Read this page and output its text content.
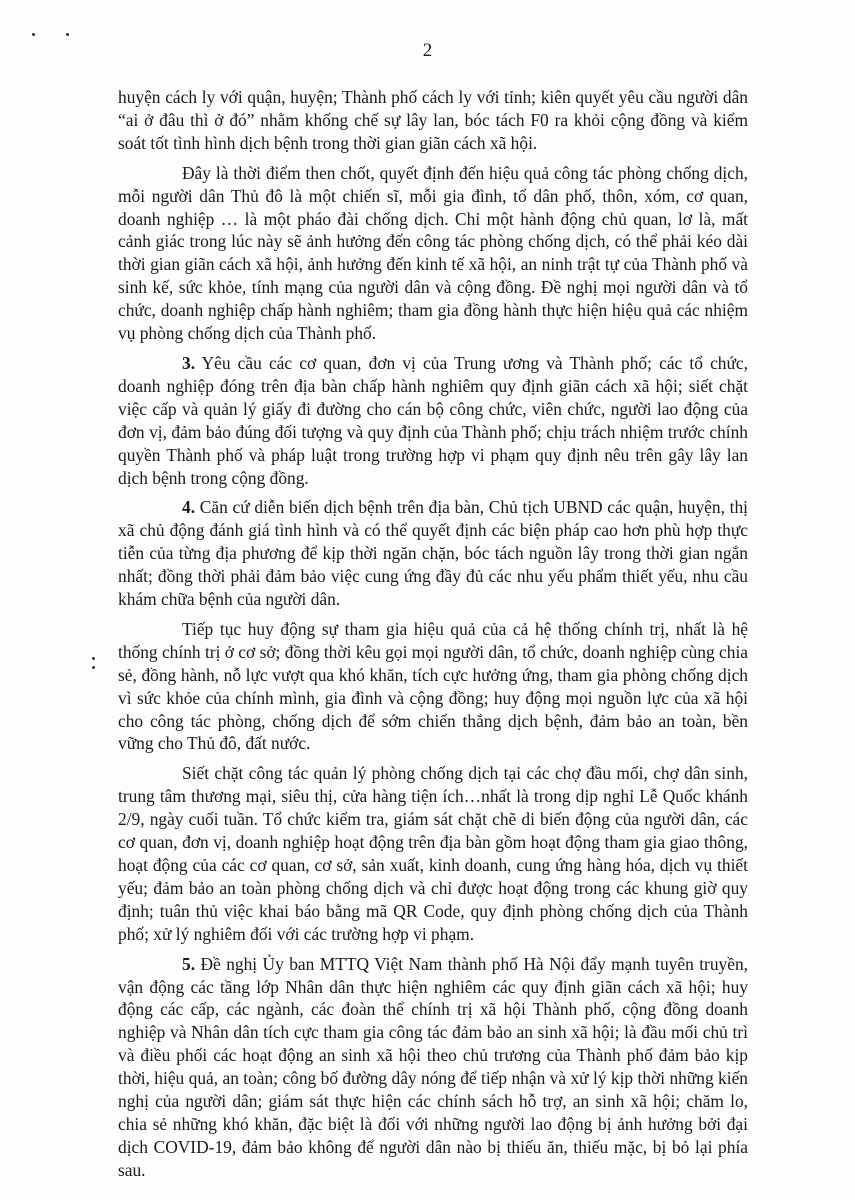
2

huyện cách ly với quận, huyện; Thành phố cách ly với tỉnh; kiên quyết yêu cầu người dân “ai ở đâu thì ở đó” nhằm khống chế sự lây lan, bóc tách F0 ra khỏi cộng đồng và kiểm soát tốt tình hình dịch bệnh trong thời gian giãn cách xã hội.

Đây là thời điểm then chốt, quyết định đến hiệu quả công tác phòng chống dịch, mỗi người dân Thủ đô là một chiến sĩ, mỗi gia đình, tổ dân phố, thôn, xóm, cơ quan, doanh nghiệp … là một pháo đài chống dịch. Chỉ một hành động chủ quan, lơ là, mất cảnh giác trong lúc này sẽ ảnh hưởng đến công tác phòng chống dịch, có thể phải kéo dài thời gian giãn cách xã hội, ảnh hưởng đến kinh tế xã hội, an ninh trật tự của Thành phố và sinh kế, sức khỏe, tính mạng của người dân và cộng đồng. Đề nghị mọi người dân và tổ chức, doanh nghiệp chấp hành nghiêm; tham gia đồng hành thực hiện hiệu quả các nhiệm vụ phòng chống dịch của Thành phố.

3. Yêu cầu các cơ quan, đơn vị của Trung ương và Thành phố; các tổ chức, doanh nghiệp đóng trên địa bàn chấp hành nghiêm quy định giãn cách xã hội; siết chặt việc cấp và quản lý giấy đi đường cho cán bộ công chức, viên chức, người lao động của đơn vị, đảm bảo đúng đối tượng và quy định của Thành phố; chịu trách nhiệm trước chính quyền Thành phố và pháp luật trong trường hợp vi phạm quy định nêu trên gây lây lan dịch bệnh trong cộng đồng.

4. Căn cứ diễn biến dịch bệnh trên địa bàn, Chủ tịch UBND các quận, huyện, thị xã chủ động đánh giá tình hình và có thể quyết định các biện pháp cao hơn phù hợp thực tiễn của từng địa phương để kịp thời ngăn chặn, bóc tách nguồn lây trong thời gian ngắn nhất; đồng thời phải đảm bảo việc cung ứng đầy đủ các nhu yếu phẩm thiết yếu, nhu cầu khám chữa bệnh của người dân.

Tiếp tục huy động sự tham gia hiệu quả của cả hệ thống chính trị, nhất là hệ thống chính trị ở cơ sở; đồng thời kêu gọi mọi người dân, tổ chức, doanh nghiệp cùng chia sẻ, đồng hành, nỗ lực vượt qua khó khăn, tích cực hưởng ứng, tham gia phòng chống dịch vì sức khỏe của chính mình, gia đình và cộng đồng; huy động mọi nguồn lực của xã hội cho công tác phòng, chống dịch để sớm chiến thắng dịch bệnh, đảm bảo an toàn, bền vững cho Thủ đô, đất nước.

Siết chặt công tác quản lý phòng chống dịch tại các chợ đầu mối, chợ dân sinh, trung tâm thương mại, siêu thị, cửa hàng tiện ích…nhất là trong dịp nghỉ Lễ Quốc khánh 2/9, ngày cuối tuần. Tổ chức kiểm tra, giám sát chặt chẽ di biến động của người dân, các cơ quan, đơn vị, doanh nghiệp hoạt động trên địa bàn gồm hoạt động tham gia giao thông, hoạt động của các cơ quan, cơ sở, sản xuất, kinh doanh, cung ứng hàng hóa, dịch vụ thiết yếu; đảm bảo an toàn phòng chống dịch và chỉ được hoạt động trong các khung giờ quy định; tuân thủ việc khai báo bằng mã QR Code, quy định phòng chống dịch của Thành phố; xử lý nghiêm đối với các trường hợp vi phạm.

5. Đề nghị Ủy ban MTTQ Việt Nam thành phố Hà Nội đẩy mạnh tuyên truyền, vận động các tầng lớp Nhân dân thực hiện nghiêm các quy định giãn cách xã hội; huy động các cấp, các ngành, các đoàn thể chính trị xã hội Thành phố, cộng đồng doanh nghiệp và Nhân dân tích cực tham gia công tác đảm bảo an sinh xã hội; là đầu mối chủ trì và điều phối các hoạt động an sinh xã hội theo chủ trương của Thành phố đảm bảo kịp thời, hiệu quả, an toàn; công bố đường dây nóng để tiếp nhận và xử lý kịp thời những kiến nghị của người dân; giám sát thực hiện các chính sách hỗ trợ, an sinh xã hội; chăm lo, chia sẻ những khó khăn, đặc biệt là đối với những người lao động bị ảnh hưởng bởi đại dịch COVID-19, đảm bảo không để người dân nào bị thiếu ăn, thiếu mặc, bị bỏ lại phía sau.
